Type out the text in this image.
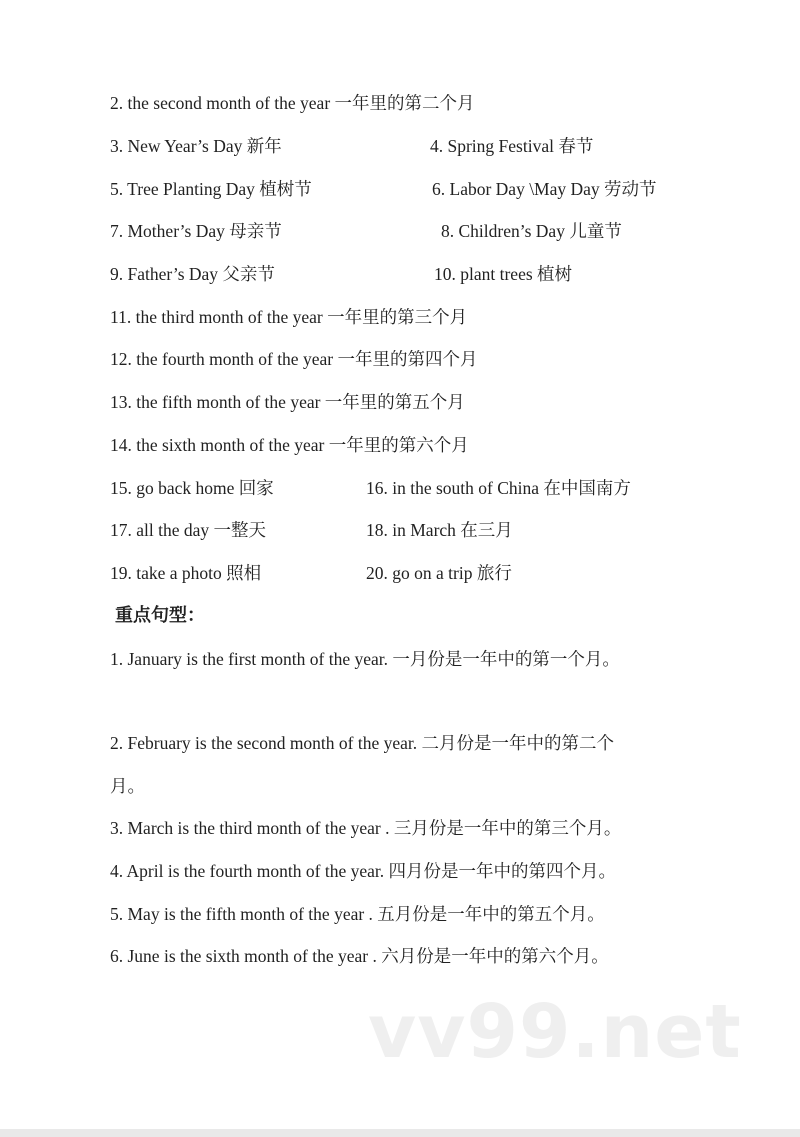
2. the second month of the year 一年里的第二个月
3. New Year’s Day 新年	4. Spring Festival 春节
5. Tree Planting Day 植树节	6. Labor Day \May Day 劳动节
7. Mother’s Day 母亲节	8. Children’s Day 儿童节
9. Father’s Day 父亲节	10. plant trees 植树
11. the third month of the year 一年里的第三个月
12. the fourth month of the year 一年里的第四个月
13. the fifth month of the year 一年里的第五个月
14. the sixth month of the year 一年里的第六个月
15. go back home 回家	16. in the south of China 在中国南方
17. all the day 一整天	18. in March 在三月
19. take a photo 照相	20. go on a trip 旅行
重点句型：
1. January is the first month of the year. 一月份是一年中的第一个月。
2. February is the second month of the year. 二月份是一年中的第二个
月。
3. March is the third month of the year . 三月份是一年中的第三个月。
4. April is the fourth month of the year. 四月份是一年中的第四个月。
5. May is the fifth month of the year . 五月份是一年中的第五个月。
6. June is the sixth month of the year . 六月份是一年中的第六个月。
vv99.net
